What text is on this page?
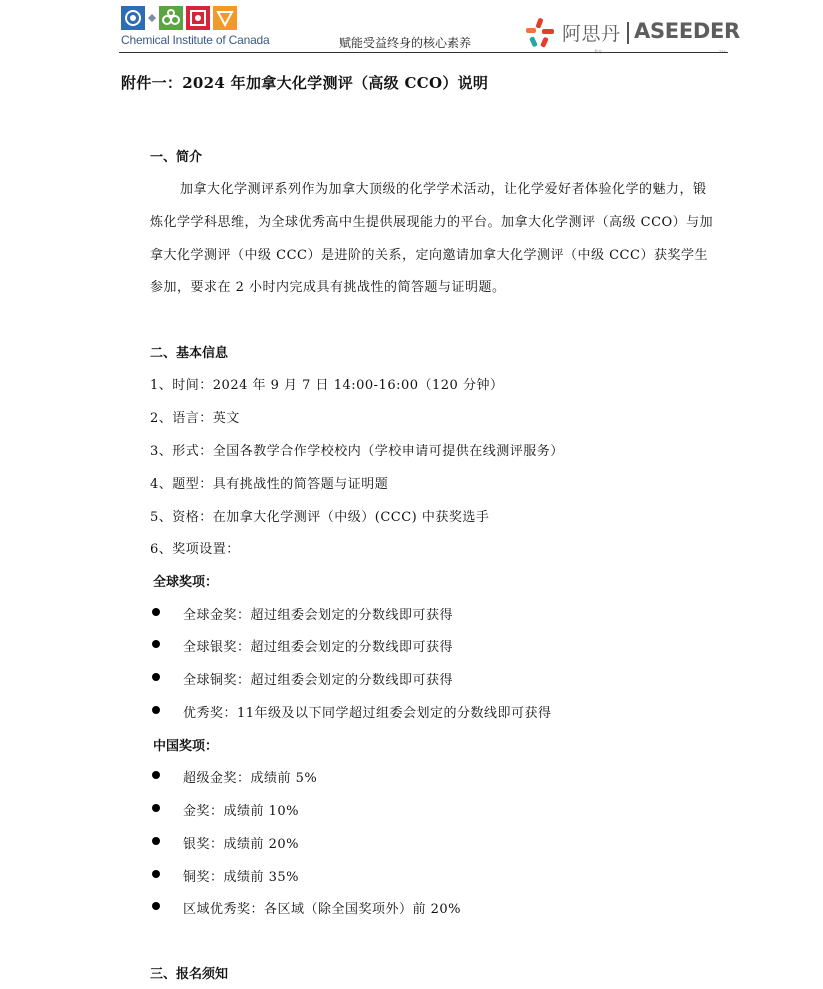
Chemical Institute of Canada	赋能受益终身的核心素养	阿思丹 ASEEDER
附件一：2024 年加拿大化学测评（高级 CCO）说明
一、简介
加拿大化学测评系列作为加拿大顶级的化学学术活动，让化学爱好者体验化学的魅力，锻
炼化学学科思维，为全球优秀高中生提供展现能力的平台。加拿大化学测评（高级 CCO）与加
拿大化学测评（中级 CCC）是进阶的关系，定向邀请加拿大化学测评（中级 CCC）获奖学生
参加，要求在 2 小时内完成具有挑战性的简答题与证明题。
二、基本信息
1、时间：2024 年 9 月 7 日 14:00-16:00（120 分钟）
2、语言：英文
3、形式：全国各教学合作学校校内（学校申请可提供在线测评服务）
4、题型：具有挑战性的简答题与证明题
5、资格：在加拿大化学测评（中级）(CCC) 中获奖选手
6、奖项设置：
全球奖项：
全球金奖：超过组委会划定的分数线即可获得
全球银奖：超过组委会划定的分数线即可获得
全球铜奖：超过组委会划定的分数线即可获得
优秀奖：11年级及以下同学超过组委会划定的分数线即可获得
中国奖项：
超级金奖：成绩前 5%
金奖：成绩前 10%
银奖：成绩前 20%
铜奖：成绩前 35%
区域优秀奖：各区域（除全国奖项外）前 20%
三、报名须知
